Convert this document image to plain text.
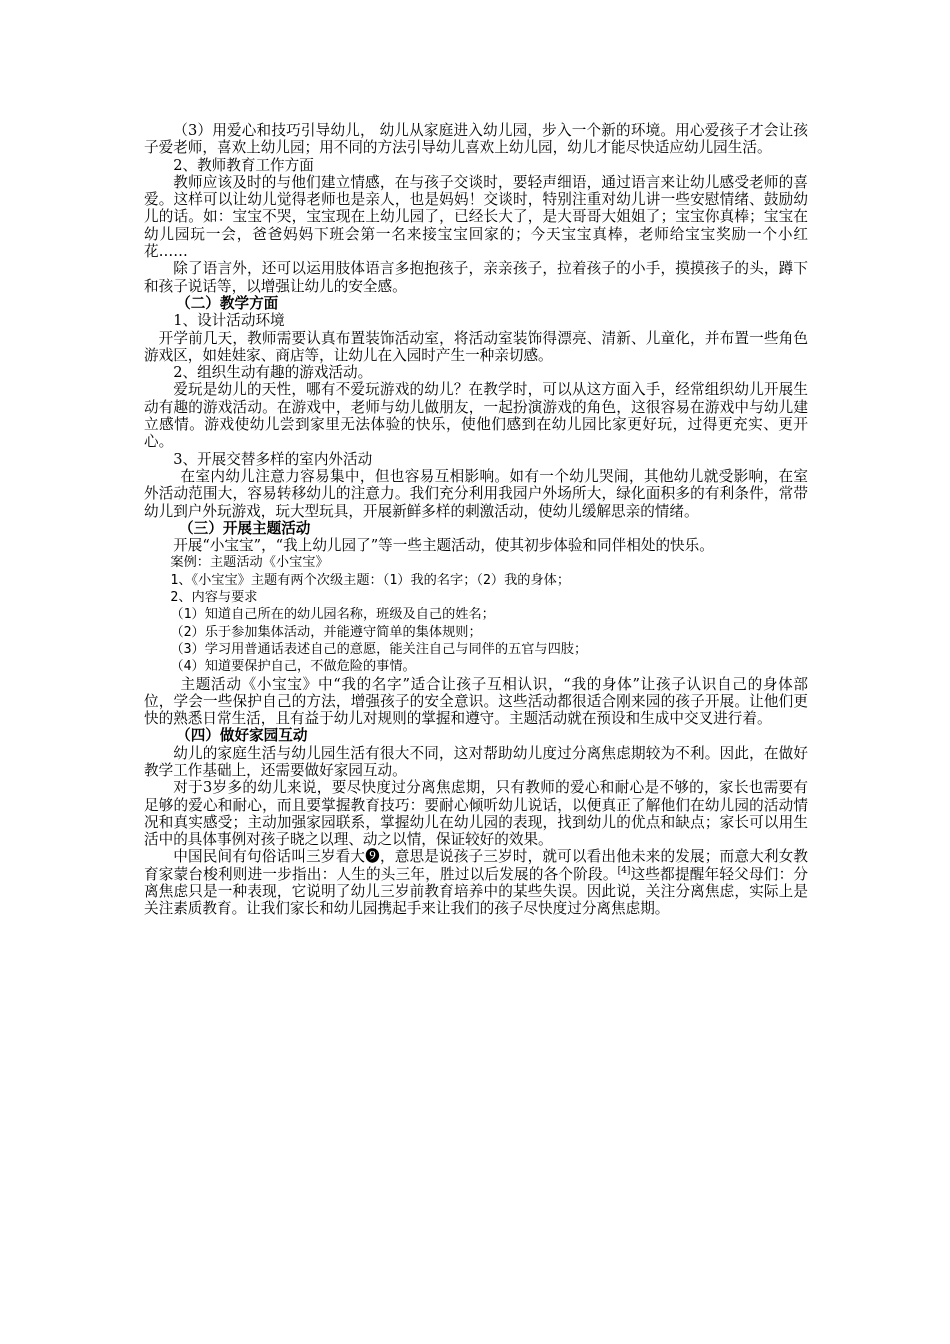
（3）用爱心和技巧引导幼儿， 幼儿从家庭进入幼儿园，步入一个新的环境。用心爱孩子才会让孩子爱老师，喜欢上幼儿园；用不同的方法引导幼儿喜欢上幼儿园，幼儿才能尽快适应幼儿园生活。

2、教师教育工作方面

教师应该及时的与他们建立情感，在与孩子交谈时，要轻声细语，通过语言来让幼儿感受老师的喜爱。这样可以让幼儿觉得老师也是亲人，也是妈妈！交谈时，特别注重对幼儿讲一些安慰情绪、鼓励幼儿的话。如：宝宝不哭，宝宝现在上幼儿园了，已经长大了，是大哥哥大姐姐了；宝宝你真棒；宝宝在幼儿园玩一会，爸爸妈妈下班会第一名来接宝宝回家的；今天宝宝真棒，老师给宝宝奖励一个小红花……

除了语言外，还可以运用肢体语言多抱抱孩子，亲亲孩子，拉着孩子的小手，摸摸孩子的头，蹲下和孩子说话等，以增强让幼儿的安全感。

（二）教学方面

1、设计活动环境

开学前几天，教师需要认真布置装饰活动室，将活动室装饰得漂亮、清新、儿童化，并布置一些角色游戏区，如娃娃家、商店等，让幼儿在入园时产生一种亲切感。

2、组织生动有趣的游戏活动。

爱玩是幼儿的天性，哪有不爱玩游戏的幼儿？在教学时，可以从这方面入手，经常组织幼儿开展生动有趣的游戏活动。在游戏中，老师与幼儿做朋友，一起扮演游戏的角色，这很容易在游戏中与幼儿建立感情。游戏使幼儿尝到家里无法体验的快乐，使他们感到在幼儿园比家更好玩，过得更充实、更开心。

3、开展交替多样的室内外活动

在室内幼儿注意力容易集中，但也容易互相影响。如有一个幼儿哭闹，其他幼儿就受影响，在室外活动范围大，容易转移幼儿的注意力。我们充分利用我园户外场所大，绿化面积多的有利条件，常带幼儿到户外玩游戏，玩大型玩具，开展新鲜多样的刺激活动，使幼儿缓解思亲的情绪。

（三）开展主题活动

开展“小宝宝”，“我上幼儿园了”等一些主题活动，使其初步体验和同伴相处的快乐。

案例：主题活动《小宝宝》

1、《小宝宝》主题有两个次级主题：（1）我的名字；（2）我的身体；

2、内容与要求

（1）知道自己所在的幼儿园名称，班级及自己的姓名；

（2）乐于参加集体活动，并能遵守简单的集体规则；

（3）学习用普通话表述自己的意愿，能关注自己与同伴的五官与四肢；

（4）知道要保护自己，不做危险的事情。

主题活动《小宝宝》中“我的名字”适合让孩子互相认识，“我的身体”让孩子认识自己的身体部位，学会一些保护自己的方法，增强孩子的安全意识。这些活动都很适合刚来园的孩子开展。让他们更快的熟悉日常生活，且有益于幼儿对规则的掌握和遵守。主题活动就在预设和生成中交叉进行着。

（四）做好家园互动

幼儿的家庭生活与幼儿园生活有很大不同，这对帮助幼儿度过分离焦虑期较为不利。因此，在做好教学工作基础上，还需要做好家园互动。

对于3岁多的幼儿来说，要尽快度过分离焦虑期，只有教师的爱心和耐心是不够的，家长也需要有足够的爱心和耐心，而且要掌握教育技巧：要耐心倾听幼儿说话，以便真正了解他们在幼儿园的活动情况和真实感受；主动加强家园联系，掌握幼儿在幼儿园的表现，找到幼儿的优点和缺点；家长可以用生活中的具体事例对孩子晓之以理、动之以情，保证较好的效果。

中国民间有句俗话叫三岁看大❾，意思是说孩子三岁时，就可以看出他未来的发展；而意大利女教育家蒙台梭利则进一步指出：人生的头三年，胜过以后发展的各个阶段。[4]这些都提醒年轻父母们：分离焦虑只是一种表现，它说明了幼儿三岁前教育培养中的某些失误。因此说，关注分离焦虑，实际上是关注素质教育。让我们家长和幼儿园携起手来让我们的孩子尽快度过分离焦虑期。
